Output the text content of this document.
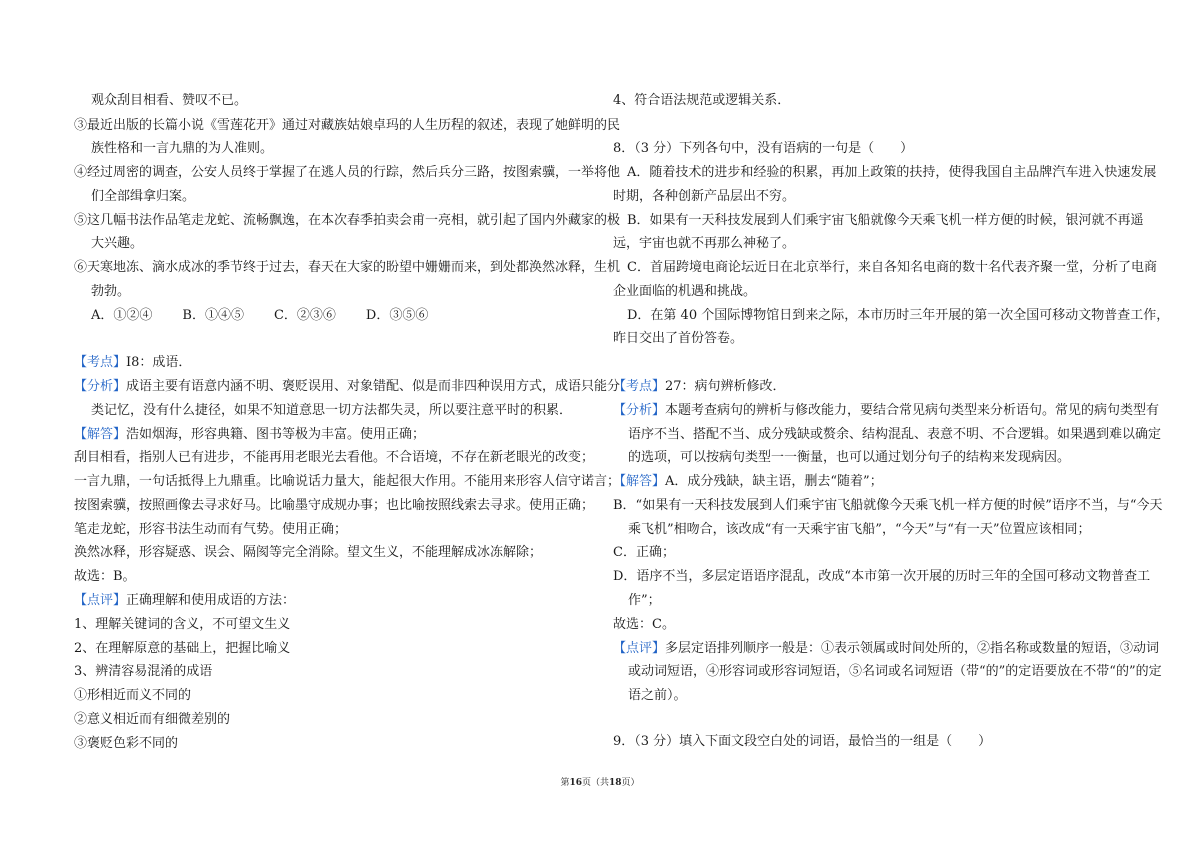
观众刮目相看、赞叹不已。
③最近出版的长篇小说《雪莲花开》通过对藏族姑娘卓玛的人生历程的叙述，表现了她鲜明的民
族性格和一言九鼎的为人准则。
④经过周密的调查，公安人员终于掌握了在逃人员的行踪，然后兵分三路，按图索骥，一举将他
们全部缉拿归案。
⑤这几幅书法作品笔走龙蛇、流畅飘逸，在本次春季拍卖会甫一亮相，就引起了国内外藏家的极
大兴趣。
⑥天寒地冻、滴水成冰的季节终于过去，春天在大家的盼望中姗姗而来，到处都涣然冰释，生机
勃勃。
A．①②④ B．①④⑤ C．②③⑥ D．③⑤⑥
【考点】I8：成语．
【分析】成语主要有语意内涵不明、褒贬误用、对象错配、似是而非四种误用方式，成语只能分
类记忆，没有什么捷径，如果不知道意思一切方法都失灵，所以要注意平时的积累．
【解答】浩如烟海，形容典籍、图书等极为丰富。使用正确；
刮目相看，指别人已有进步，不能再用老眼光去看他。不合语境，不存在新老眼光的改变；
一言九鼎，一句话抵得上九鼎重。比喻说话力量大，能起很大作用。不能用来形容人信守诺言；
按图索骥，按照画像去寻求好马。比喻墨守成规办事；也比喻按照线索去寻求。使用正确；
笔走龙蛇，形容书法生动而有气势。使用正确；
涣然冰释，形容疑惑、误会、隔阂等完全消除。望文生义，不能理解成冰冻解除；
故选：B。
【点评】正确理解和使用成语的方法：
1、理解关键词的含义，不可望文生义
2、在理解原意的基础上，把握比喻义
3、辨清容易混淆的成语
①形相近而义不同的
②意义相近而有细微差别的
③褒贬色彩不同的
4、符合语法规范或逻辑关系．
8．（3 分）下列各句中，没有语病的一句是（　　）
A．随着技术的进步和经验的积累，再加上政策的扶持，使得我国自主品牌汽车进入快速发展
时期，各种创新产品层出不穷。
B．如果有一天科技发展到人们乘宇宙飞船就像今天乘飞机一样方便的时候，银河就不再遥
远，宇宙也就不再那么神秘了。
C．首届跨境电商论坛近日在北京举行，来自各知名电商的数十名代表齐聚一堂，分析了电商
企业面临的机遇和挑战。
D．在第 40 个国际博物馆日到来之际，本市历时三年开展的第一次全国可移动文物普查工作，
昨日交出了首份答卷。
【考点】27：病句辨析修改．
【分析】本题考查病句的辨析与修改能力，要结合常见病句类型来分析语句。常见的病句类型有
语序不当、搭配不当、成分残缺或赘余、结构混乱、表意不明、不合逻辑。如果遇到难以确定
的选项，可以按病句类型一一衡量，也可以通过划分句子的结构来发现病因。
【解答】A．成分残缺，缺主语，删去“随着”；
B．“如果有一天科技发展到人们乘宇宙飞船就像今天乘飞机一样方便的时候”语序不当，与“今天
乘飞机”相吻合，该改成“有一天乘宇宙飞船”，“今天”与“有一天”位置应该相同；
C．正确；
D．语序不当，多层定语语序混乱，改成“本市第一次开展的历时三年的全国可移动文物普查工
作”；
故选：C。
【点评】多层定语排列顺序一般是：①表示领属或时间处所的，②指名称或数量的短语，③动词
或动词短语，④形容词或形容词短语，⑤名词或名词短语（带“的”的定语要放在不带“的”的定
语之前）。
9．（3 分）填入下面文段空白处的词语，最恰当的一组是（　　）
第16页（共18页）
